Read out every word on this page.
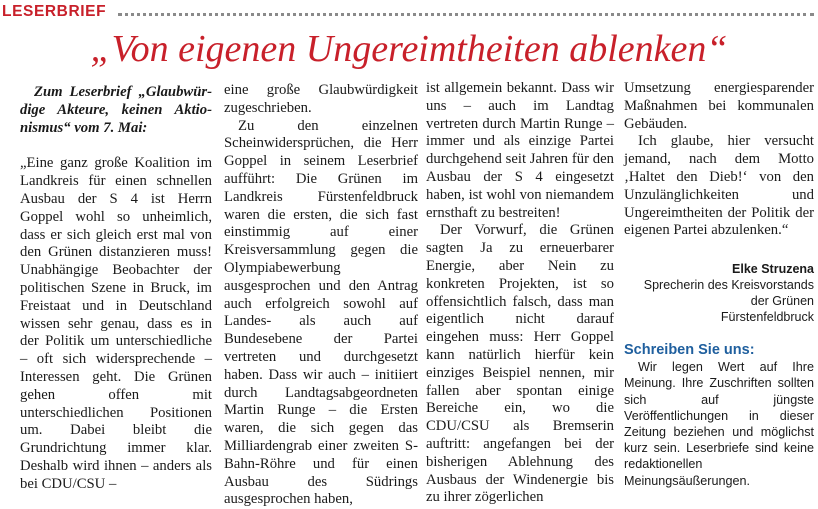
LESERBRIEF
„Von eigenen Ungereimtheiten ablenken“

Zum Leserbrief „Glaubwür-dige Akteure, keinen Aktio-nismus“ vom 7. Mai:

„Eine ganz große Koalition im Landkreis für einen schnellen Ausbau der S 4 ist Herrn Goppel wohl so unheimlich, dass er sich gleich erst mal von den Grünen distanzieren muss! Unabhängige Beobachter der politischen Szene in Bruck, im Freistaat und in Deutschland wissen sehr genau, dass es in der Politik um unterschiedliche – oft sich widersprechende – Interessen geht. Die Grünen gehen offen mit unterschiedlichen Positionen um. Dabei bleibt die Grundrichtung immer klar. Deshalb wird ihnen – anders als bei CDU/CSU –

eine große Glaubwürdigkeit zugeschrieben.

Zu den einzelnen Scheinwidersprüchen, die Herr Goppel in seinem Leserbrief aufführt: Die Grünen im Landkreis Fürstenfeldbruck waren die ersten, die sich fast einstimmig auf einer Kreisversammlung gegen die Olympiabewerbung ausgesprochen und den Antrag auch erfolgreich sowohl auf Landes- als auch auf Bundesebene der Partei vertreten und durchgesetzt haben. Dass wir auch – initiiert durch Landtagsabgeordneten Martin Runge – die Ersten waren, die sich gegen das Milliardengrab einer zweiten S-Bahn-Röhre und für einen Ausbau des Südrings ausgesprochen haben,

ist allgemein bekannt. Dass wir uns – auch im Landtag vertreten durch Martin Runge – immer und als einzige Partei durchgehend seit Jahren für den Ausbau der S 4 eingesetzt haben, ist wohl von niemandem ernsthaft zu bestreiten!

Der Vorwurf, die Grünen sagten Ja zu erneuerbarer Energie, aber Nein zu konkreten Projekten, ist so offensichtlich falsch, dass man eigentlich nicht darauf eingehen muss: Herr Goppel kann natürlich hierfür kein einziges Beispiel nennen, mir fallen aber spontan einige Bereiche ein, wo die CDU/CSU als Bremserin auftritt: angefangen bei der bisherigen Ablehnung des Ausbaus der Windenergie bis zu ihrer zögerlichen

Umsetzung energiesparender Maßnahmen bei kommunalen Gebäuden.

Ich glaube, hier versucht jemand, nach dem Motto ‚Haltet den Dieb!‘ von den Unzulänglichkeiten und Ungereimtheiten der Politik der eigenen Partei abzulenken.“

Elke Struzena
Sprecherin des Kreisvorstands
der Grünen
Fürstenfeldbruck
Schreiben Sie uns:

Wir legen Wert auf Ihre Meinung. Ihre Zuschriften sollten sich auf jüngste Veröffentlichungen in dieser Zeitung beziehen und möglichst kurz sein. Leserbriefe sind keine redaktionellen Meinungsäußerungen.
